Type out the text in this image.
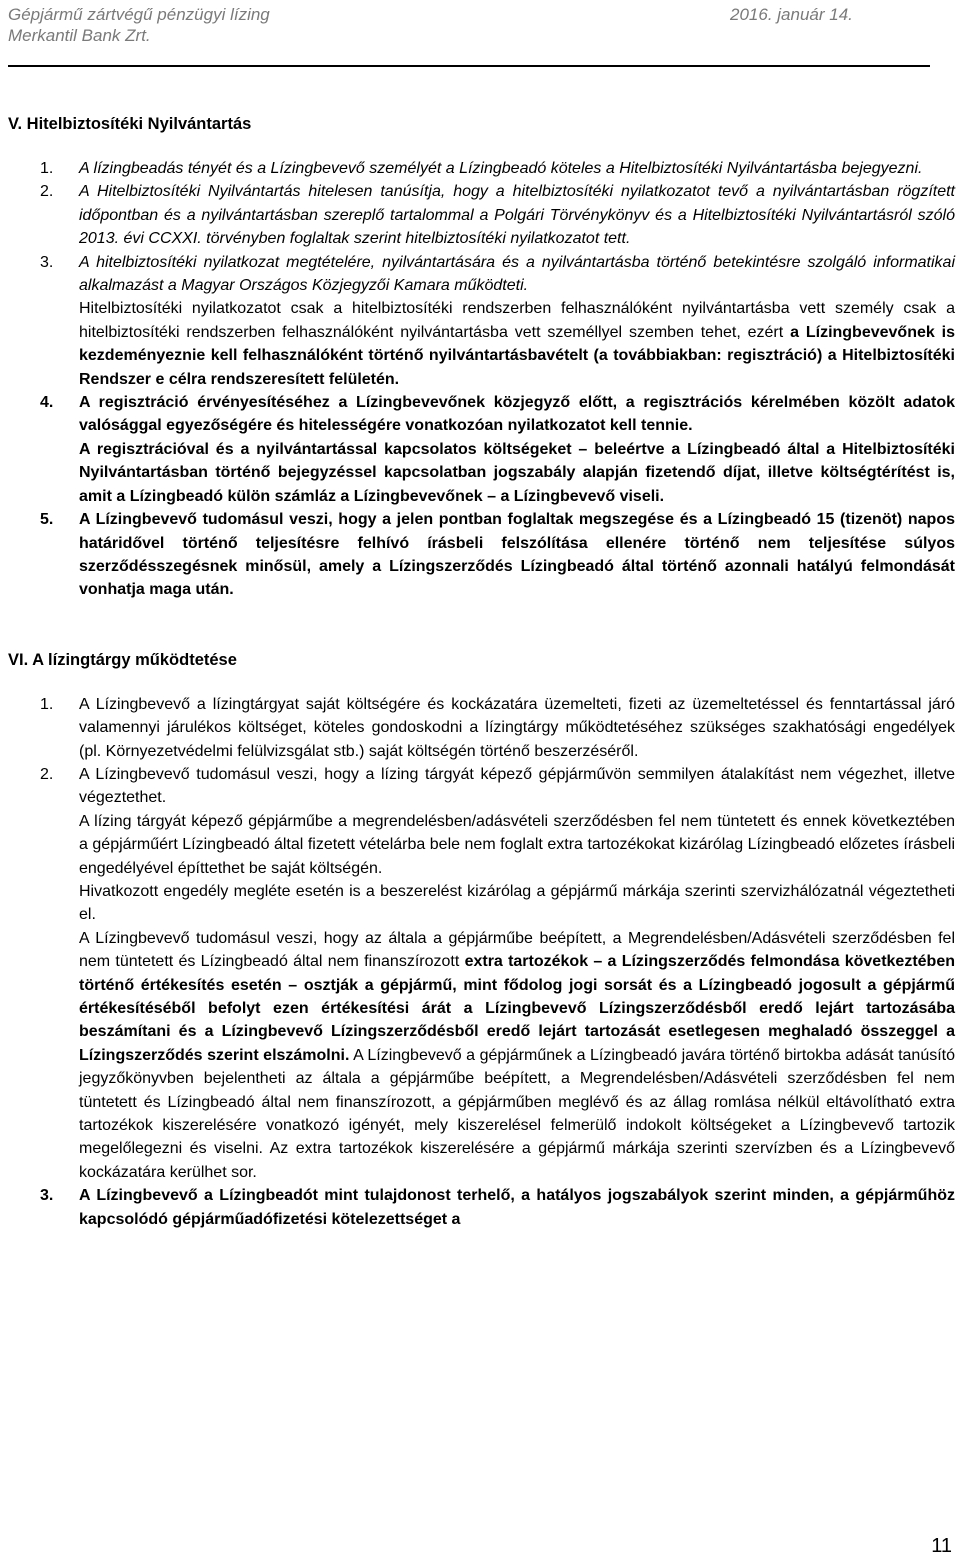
Gépjármű zártvégű pénzügyi lízing	2016. január 14.
Merkantil Bank Zrt.
V. Hitelbiztosítéki Nyilvántartás
1. A lízingbeadás tényét és a Lízingbevevő személyét a Lízingbeadó köteles a Hitelbiztosítéki Nyilvántartásba bejegyezni.
2. A Hitelbiztosítéki Nyilvántartás hitelesen tanúsítja, hogy a hitelbiztosítéki nyilatkozatot tevő a nyilvántartásban rögzített időpontban és a nyilvántartásban szereplő tartalommal a Polgári Törvénykönyv és a Hitelbiztosítéki Nyilvántartásról szóló 2013. évi CCXXI. törvényben foglaltak szerint hitelbiztosítéki nyilatkozatot tett.
3. A hitelbiztosítéki nyilatkozat megtételére, nyilvántartására és a nyilvántartásba történő betekintésre szolgáló informatikai alkalmazást a Magyar Országos Közjegyzői Kamara működteti.
Hitelbiztosítéki nyilatkozatot csak a hitelbiztosítéki rendszerben felhasználóként nyilvántartásba vett személy csak a hitelbiztosítéki rendszerben felhasználóként nyilvántartásba vett személlyel szemben tehet, ezért a Lízingbevevőnek is kezdeményeznie kell felhasználóként történő nyilvántartásbavételt (a továbbiakban: regisztráció) a Hitelbiztosítéki Rendszer e célra rendszeresített felületén.
4. A regisztráció érvényesítéséhez a Lízingbevevőnek közjegyző előtt, a regisztrációs kérelmében közölt adatok valósággal egyezőségére és hitelességére vonatkozóan nyilatkozatot kell tennie.
A regisztrációval és a nyilvántartással kapcsolatos költségeket – beleértve a Lízingbeadó által a Hitelbiztosítéki Nyilvántartásban történő bejegyzéssel kapcsolatban jogszabály alapján fizetendő díjat, illetve költségtérítést is, amit a Lízingbeadó külön számláz a Lízingbevevőnek – a Lízingbevevő viseli.
5. A Lízingbevevő tudomásul veszi, hogy a jelen pontban foglaltak megszegése és a Lízingbeadó 15 (tizenöt) napos határidővel történő teljesítésre felhívó írásbeli felszólítása ellenére történő nem teljesítése súlyos szerződésszegésnek minősül, amely a Lízingszerződés Lízingbeadó által történő azonnali hatályú felmondását vonhatja maga után.
VI. A lízingtárgy működtetése
1. A Lízingbevevő a lízingtárgyat saját költségére és kockázatára üzemelteti, fizeti az üzemeltetéssel és fenntartással járó valamennyi járulékos költséget, köteles gondoskodni a lízingtárgy működtetéséhez szükséges szakhatósági engedélyek (pl. Környezetvédelmi felülvizsgálat stb.) saját költségén történő beszerzéséről.
2. A Lízingbevevő tudomásul veszi, hogy a lízing tárgyát képező gépjárművön semmilyen átalakítást nem végezhet, illetve végeztethet.
A lízing tárgyát képező gépjárműbe a megrendelésben/adásvételi szerződésben fel nem tüntetett és ennek következtében a gépjárműért Lízingbeadó által fizetett vételárba bele nem foglalt extra tartozékokat kizárólag Lízingbeadó előzetes írásbeli engedélyével építtethet be saját költségén.
Hivatkozott engedély megléte esetén is a beszerelést kizárólag a gépjármű márkája szerinti szervizhálózatnál végeztetheti el.
A Lízingbevevő tudomásul veszi, hogy az általa a gépjárműbe beépített, a Megrendelésben/Adásvételi szerződésben fel nem tüntetett és Lízingbeadó által nem finanszírozott extra tartozékok – a Lízingszerződés felmondása következtében történő értékesítés esetén – osztják a gépjármű, mint fődolog jogi sorsát és a Lízingbeadó jogosult a gépjármű értékesítéséből befolyt ezen értékesítési árát a Lízingbevevő Lízingszerződésből eredő lejárt tartozásába beszámítani és a Lízingbevevő Lízingszerződésből eredő lejárt tartozását esetlegesen meghaladó összeggel a Lízingszerződés szerint elszámolni. A Lízingbevevő a gépjárműnek a Lízingbeadó javára történő birtokba adását tanúsító jegyzőkönyvben bejelentheti az általa a gépjárműbe beépített, a Megrendelésben/Adásvételi szerződésben fel nem tüntetett és Lízingbeadó által nem finanszírozott, a gépjárműben meglévő és az állag romlása nélkül eltávolítható extra tartozékok kiszerelésére vonatkozó igényét, mely kiszerelésel felmerülő indokolt költségeket a Lízingbevevő tartozik megelőlegezni és viselni. Az extra tartozékok kiszerelésére a gépjármű márkája szerinti szervízben és a Lízingbevevő kockázatára kerülhet sor.
3. A Lízingbevevő a Lízingbeadót mint tulajdonost terhelő, a hatályos jogszabályok szerint minden, a gépjárműhöz kapcsolódó gépjárműadófizetési kötelezettséget a
11
